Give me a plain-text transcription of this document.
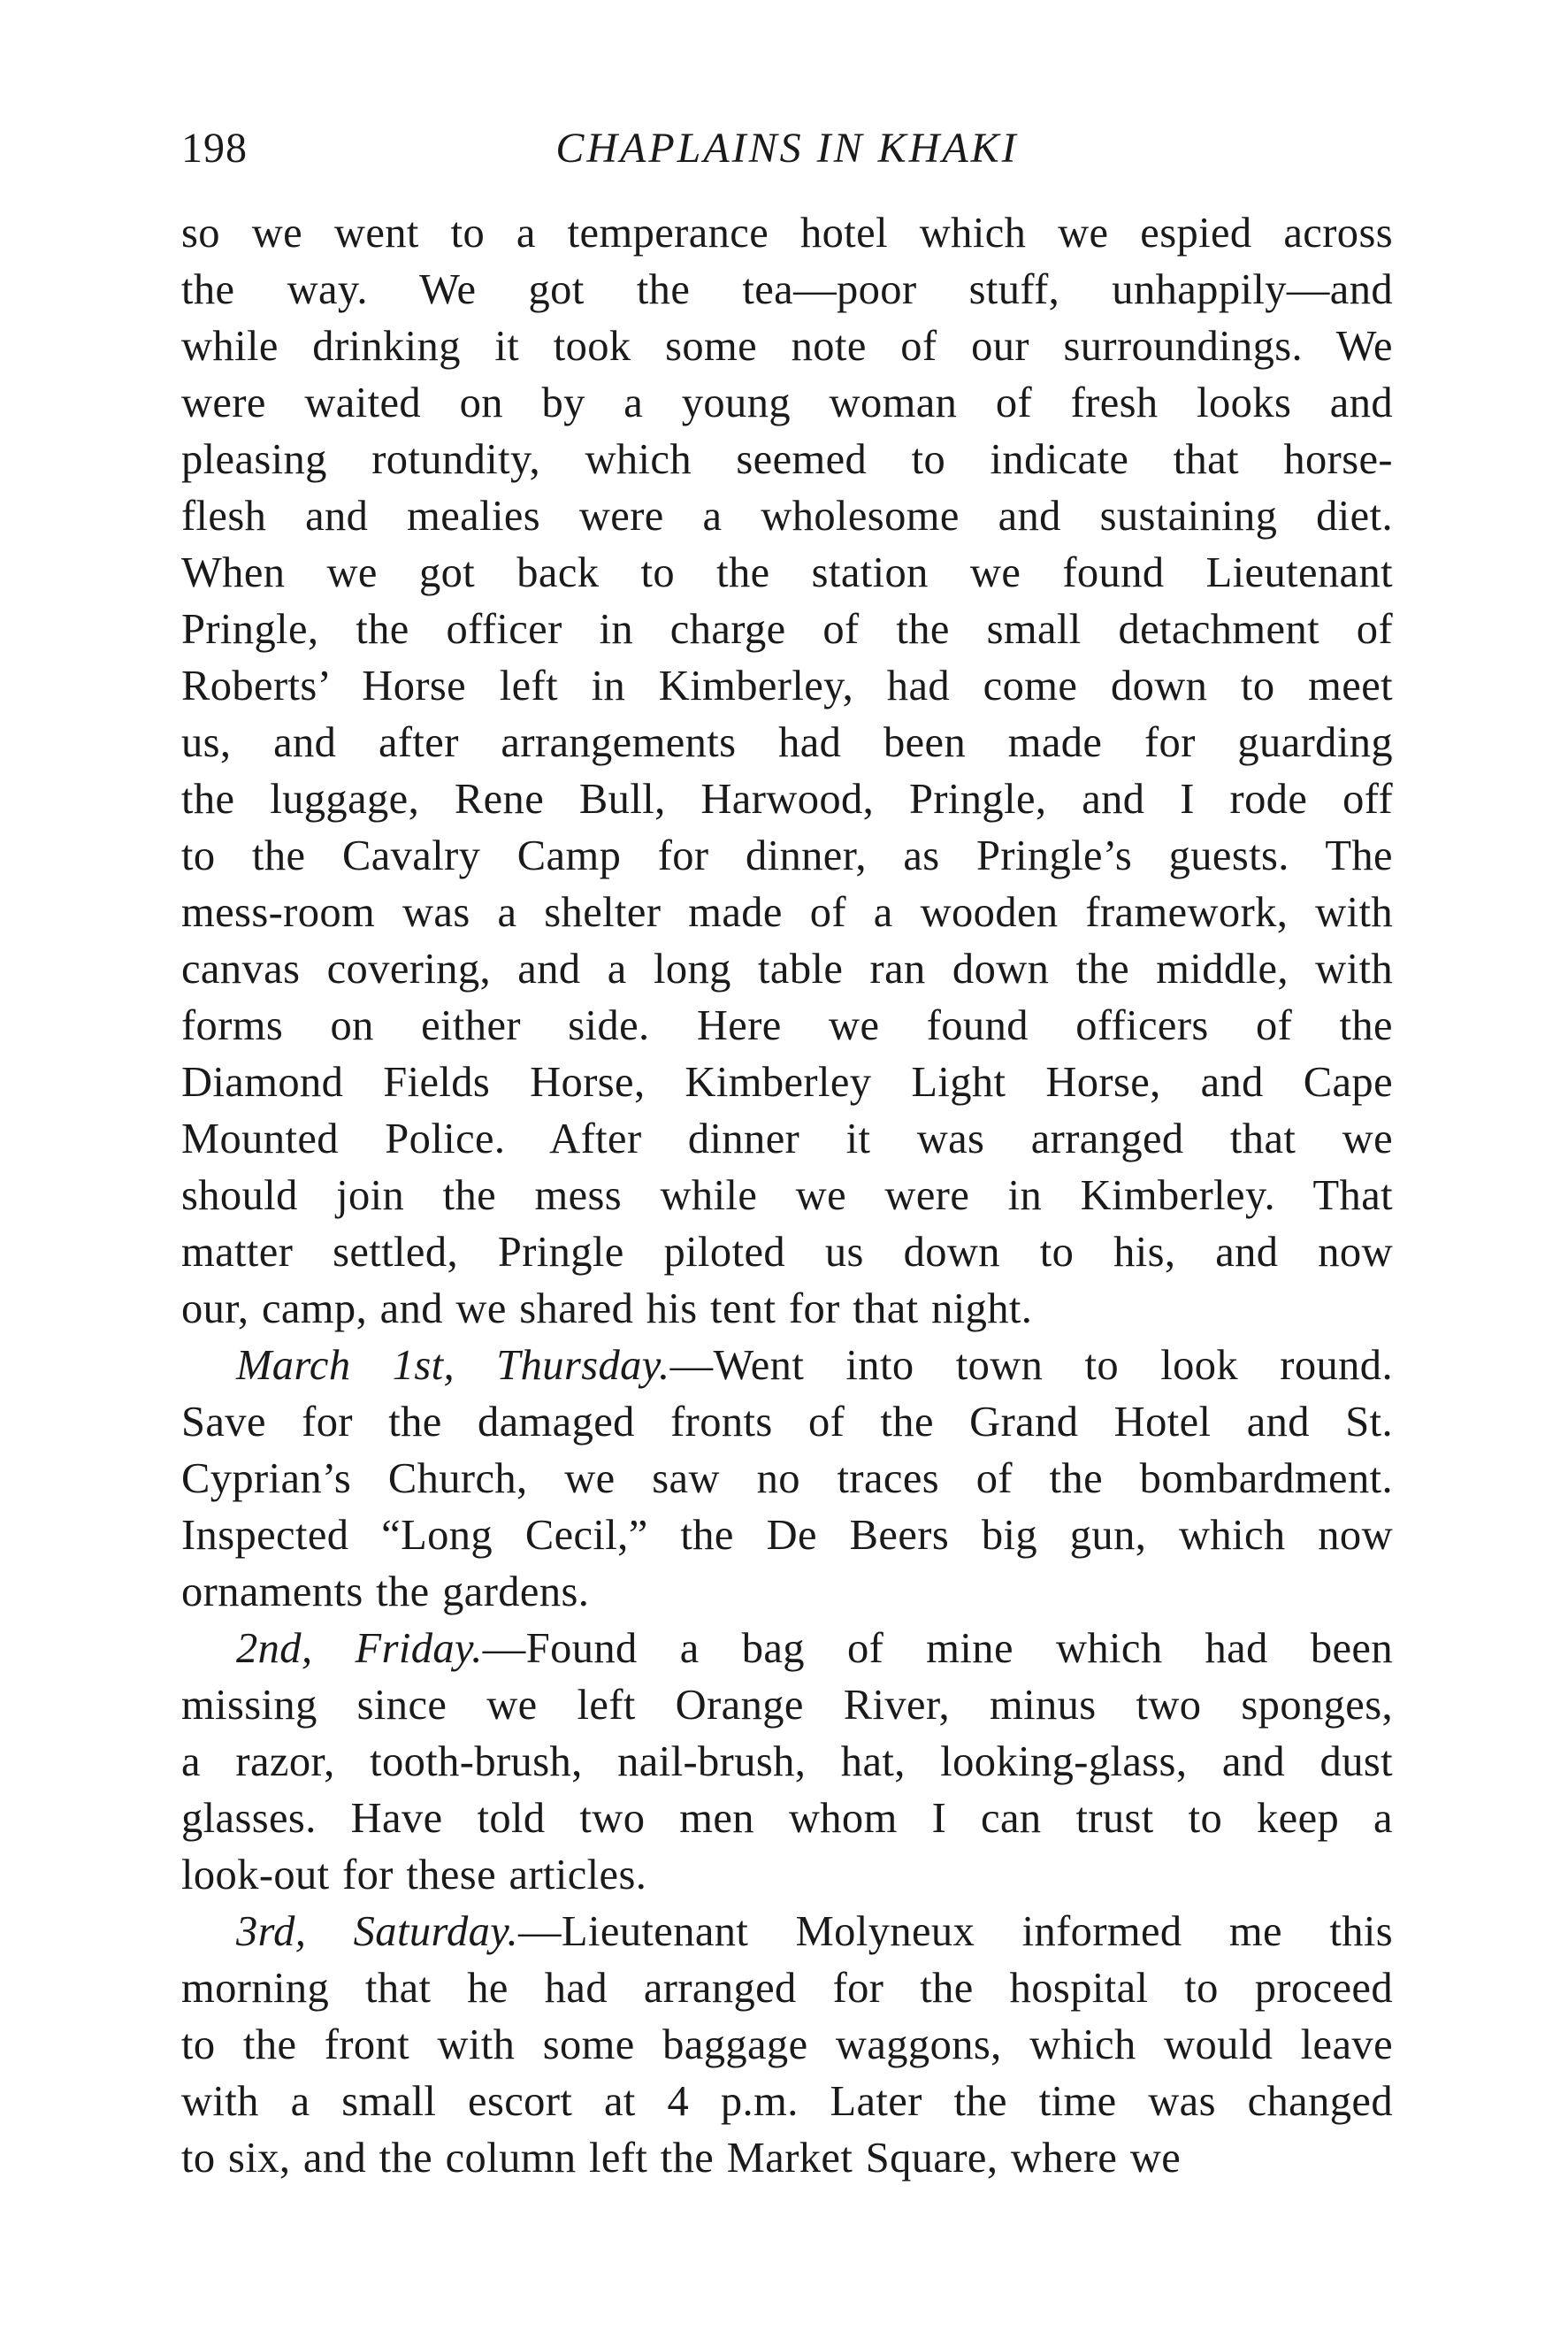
198	CHAPLAINS IN KHAKI

so we went to a temperance hotel which we espied across

the way. We got the tea—poor stuff, unhappily—and

while drinking it took some note of our surroundings. We

were waited on by a young woman of fresh looks and

pleasing rotundity, which seemed to indicate that horse-

flesh and mealies were a wholesome and sustaining diet.

When we got back to the station we found Lieutenant

Pringle, the officer in charge of the small detachment of

Roberts’ Horse left in Kimberley, had come down to meet

us, and after arrangements had been made for guarding

the luggage, Rene Bull, Harwood, Pringle, and I rode off

to the Cavalry Camp for dinner, as Pringle’s guests. The

mess-room was a shelter made of a wooden framework, with

canvas covering, and a long table ran down the middle, with

forms on either side. Here we found officers of the

Diamond Fields Horse, Kimberley Light Horse, and Cape

Mounted Police. After dinner it was arranged that we

should join the mess while we were in Kimberley. That

matter settled, Pringle piloted us down to his, and now

our, camp, and we shared his tent for that night.

March 1st, Thursday.—Went into town to look round.

Save for the damaged fronts of the Grand Hotel and St.

Cyprian’s Church, we saw no traces of the bombardment.

Inspected “Long Cecil,” the De Beers big gun, which now

ornaments the gardens.

2nd, Friday.—Found a bag of mine which had been

missing since we left Orange River, minus two sponges,

a razor, tooth-brush, nail-brush, hat, looking-glass, and dust

glasses. Have told two men whom I can trust to keep a

look-out for these articles.

3rd, Saturday.—Lieutenant Molyneux informed me this

morning that he had arranged for the hospital to proceed

to the front with some baggage waggons, which would leave

with a small escort at 4 p.m. Later the time was changed

to six, and the column left the Market Square, where we
